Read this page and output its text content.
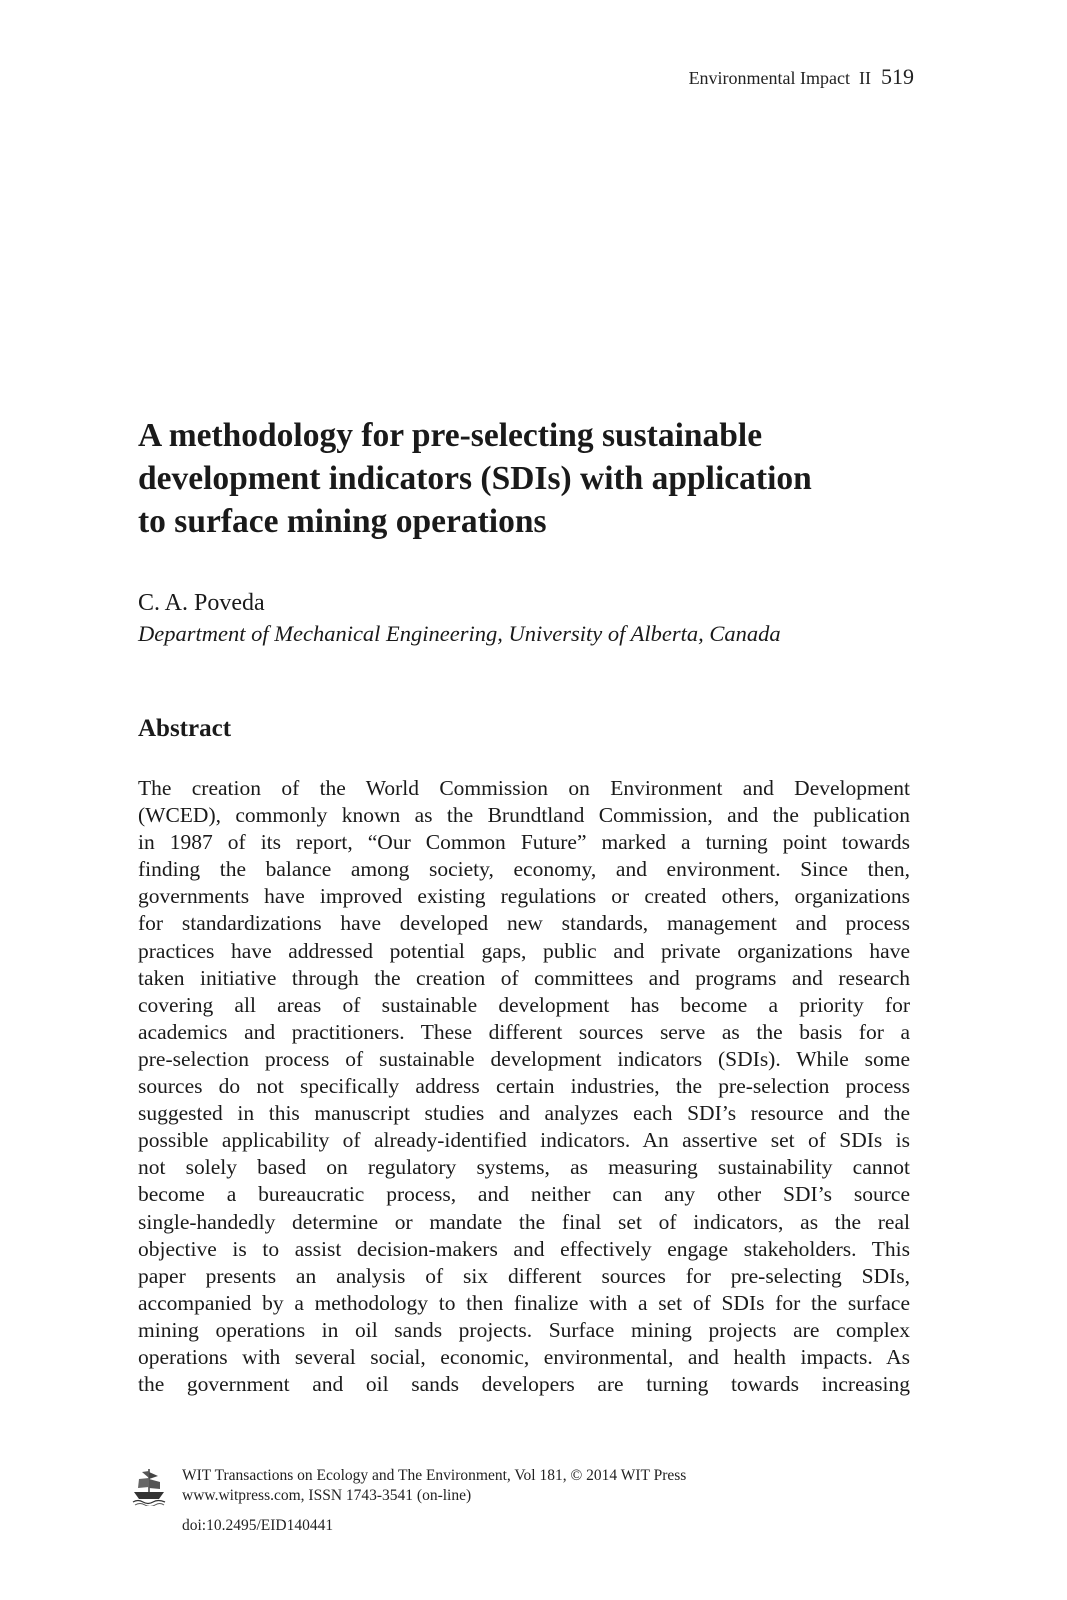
Environmental Impact  II 519
A methodology for pre-selecting sustainable
development indicators (SDIs) with application
to surface mining operations
C. A. Poveda
Department of Mechanical Engineering, University of Alberta, Canada
Abstract
The creation of the World Commission on Environment and Development
(WCED), commonly known as the Brundtland Commission, and the publication
in 1987 of its report, “Our Common Future” marked a turning point towards
finding the balance among society, economy, and environment. Since then,
governments have improved existing regulations or created others, organizations
for standardizations have developed new standards, management and process
practices have addressed potential gaps, public and private organizations have
taken initiative through the creation of committees and programs and research
covering all areas of sustainable development has become a priority for
academics and practitioners. These different sources serve as the basis for a
pre-selection process of sustainable development indicators (SDIs). While some
sources do not specifically address certain industries, the pre-selection process
suggested in this manuscript studies and analyzes each SDI’s resource and the
possible applicability of already-identified indicators. An assertive set of SDIs is
not solely based on regulatory systems, as measuring sustainability cannot
become a bureaucratic process, and neither can any other SDI’s source
single-handedly determine or mandate the final set of indicators, as the real
objective is to assist decision-makers and effectively engage stakeholders. This
paper presents an analysis of six different sources for pre-selecting SDIs,
accompanied by a methodology to then finalize with a set of SDIs for the surface
mining operations in oil sands projects. Surface mining projects are complex
operations with several social, economic, environmental, and health impacts. As
the government and oil sands developers are turning towards increasing
WIT Transactions on Ecology and The Environment, Vol 181, © 2014 WIT Press
www.witpress.com, ISSN 1743-3541 (on-line)
doi:10.2495/EID140441
